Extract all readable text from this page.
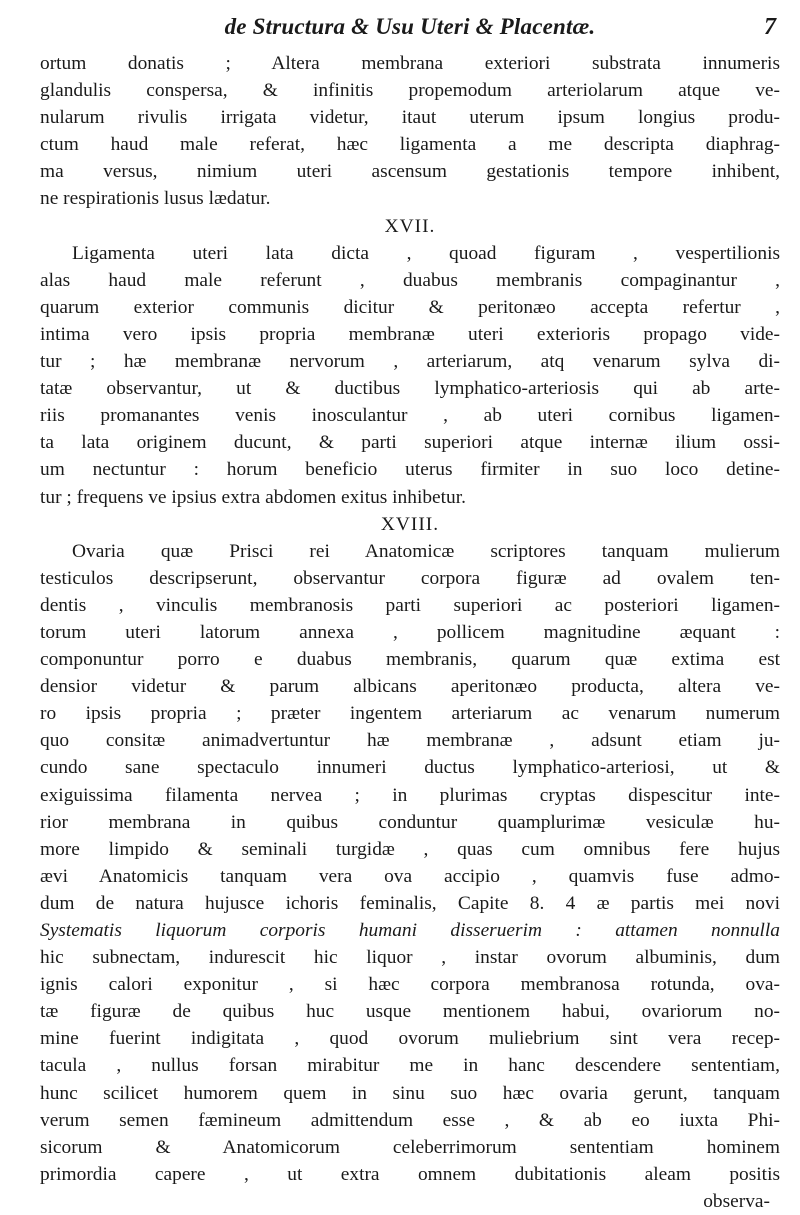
de Structura & Usu Uteri & Placentæ.	7
ortum donatis ; Altera membrana exteriori substrata innumeris
glandulis conspersa, & infinitis propemodum arteriolarum atque ve-
nularum rivulis irrigata videtur, itaut uterum ipsum longius produ-
ctum haud male referat, hæc ligamenta a me descripta diaphrag-
ma versus, nimium uteri ascensum gestationis tempore inhibent,
ne respirationis lusus lædatur.
XVII.
Ligamenta uteri lata dicta , quoad figuram , vespertilionis
alas haud male referunt , duabus membranis compaginantur ,
quarum exterior communis dicitur & peritonæo accepta refertur ,
intima vero ipsis propria membranæ uteri exterioris propago vide-
tur ; hæ membranæ nervorum , arteriarum, atq venarum sylva di-
tatæ observantur, ut & ductibus lymphatico-arteriosis qui ab arte-
riis promanantes venis inosculantur , ab uteri cornibus ligamen-
ta lata originem ducunt, & parti superiori atque internæ ilium ossi-
um nectuntur : horum beneficio uterus firmiter in suo loco detine-
tur ; frequens ve ipsius extra abdomen exitus inhibetur.
XVIII.
Ovaria quæ Prisci rei Anatomicæ scriptores tanquam mulierum
testiculos descripserunt, observantur corpora figuræ ad ovalem ten-
dentis , vinculis membranosis parti superiori ac posteriori ligamen-
torum uteri latorum annexa , pollicem magnitudine æquant :
componuntur porro e duabus membranis, quarum quæ extima est
densior videtur & parum albicans aperitonæo producta, altera ve-
ro ipsis propria ; præter ingentem arteriarum ac venarum numerum
quo consitæ animadvertuntur hæ membranæ , adsunt etiam ju-
cundo sane spectaculo innumeri ductus lymphatico-arteriosi, ut &
exiguissima filamenta nervea ; in plurimas cryptas dispescitur inte-
rior membrana in quibus conduntur quamplurimæ vesiculæ hu-
more limpido & seminali turgidæ , quas cum omnibus fere hujus
ævi Anatomicis tanquam vera ova accipio , quamvis fuse admo-
dum de natura hujusce ichoris feminalis, Capite 8. 4 æ partis mei novi
Systematis liquorum corporis humani disseruerim : attamen nonnulla
hic subnectam, indurescit hic liquor , instar ovorum albuminis, dum
ignis calori exponitur , si hæc corpora membranosa rotunda, ova-
tæ figuræ de quibus huc usque mentionem habui, ovariorum no-
mine fuerint indigitata , quod ovorum muliebrium sint vera recep-
tacula , nullus forsan mirabitur me in hanc descendere sententiam,
hunc scilicet humorem quem in sinu suo hæc ovaria gerunt, tanquam
verum semen fæmineum admittendum esse , & ab eo iuxta Phi-
sicorum & Anatomicorum celeberrimorum sententiam hominem
primordia capere , ut extra omnem dubitationis aleam positis
observa-
